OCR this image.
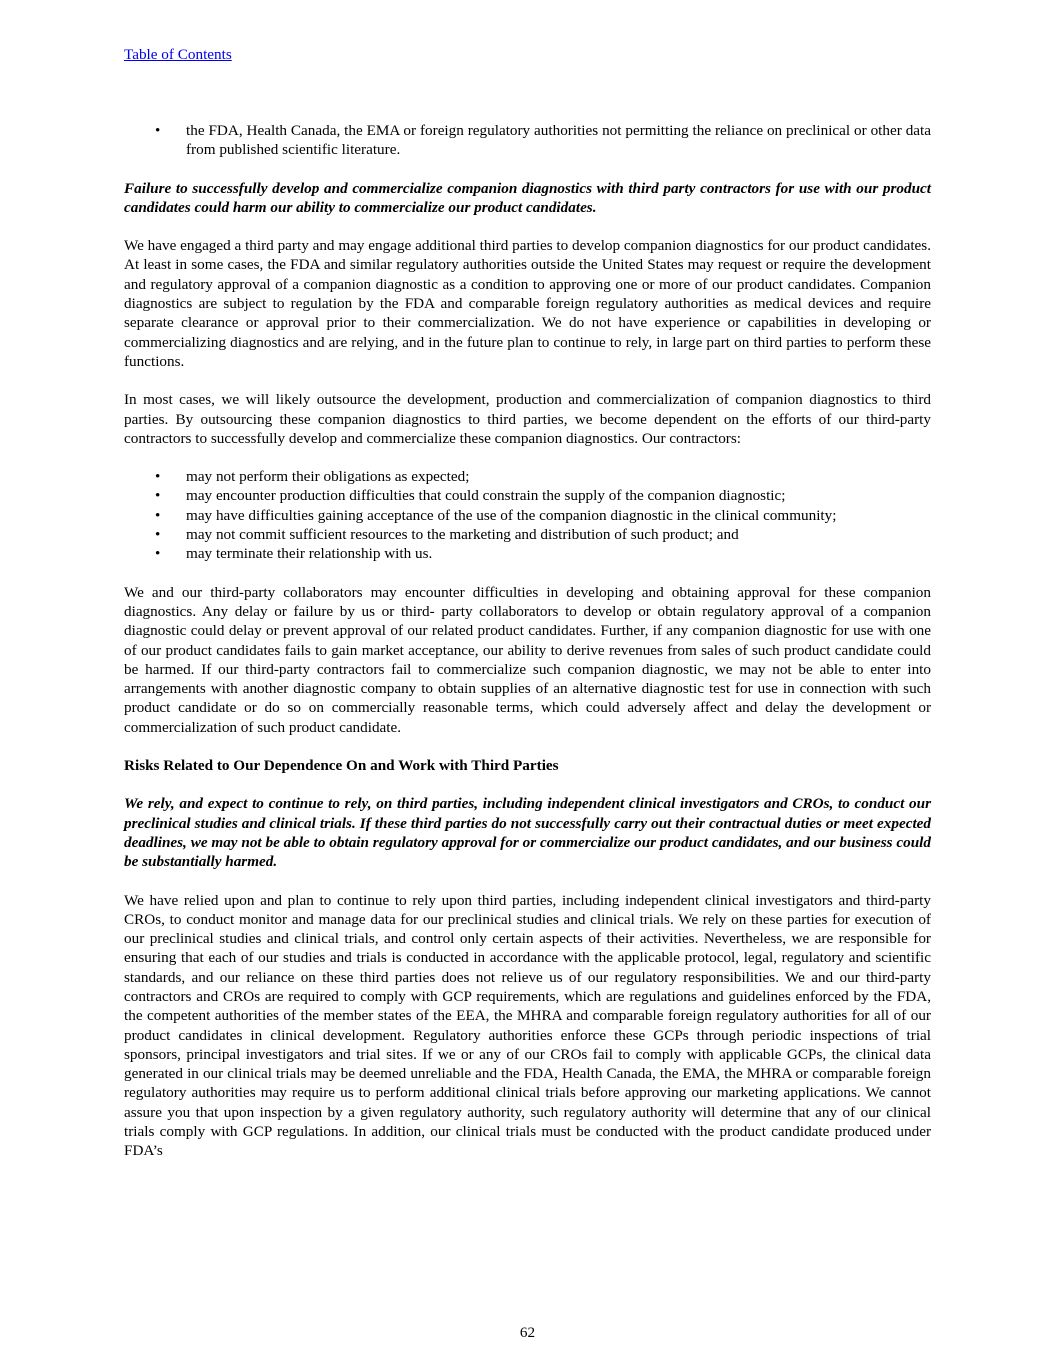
Table of Contents
• the FDA, Health Canada, the EMA or foreign regulatory authorities not permitting the reliance on preclinical or other data from published scientific literature.

Failure to successfully develop and commercialize companion diagnostics with third party contractors for use with our product candidates could harm our ability to commercialize our product candidates.

We have engaged a third party and may engage additional third parties to develop companion diagnostics for our product candidates. At least in some cases, the FDA and similar regulatory authorities outside the United States may request or require the development and regulatory approval of a companion diagnostic as a condition to approving one or more of our product candidates. Companion diagnostics are subject to regulation by the FDA and comparable foreign regulatory authorities as medical devices and require separate clearance or approval prior to their commercialization. We do not have experience or capabilities in developing or commercializing diagnostics and are relying, and in the future plan to continue to rely, in large part on third parties to perform these functions.

In most cases, we will likely outsource the development, production and commercialization of companion diagnostics to third parties. By outsourcing these companion diagnostics to third parties, we become dependent on the efforts of our third-party contractors to successfully develop and commercialize these companion diagnostics. Our contractors:

• may not perform their obligations as expected;
• may encounter production difficulties that could constrain the supply of the companion diagnostic;
• may have difficulties gaining acceptance of the use of the companion diagnostic in the clinical community;
• may not commit sufficient resources to the marketing and distribution of such product; and
• may terminate their relationship with us.

We and our third-party collaborators may encounter difficulties in developing and obtaining approval for these companion diagnostics. Any delay or failure by us or third- party collaborators to develop or obtain regulatory approval of a companion diagnostic could delay or prevent approval of our related product candidates. Further, if any companion diagnostic for use with one of our product candidates fails to gain market acceptance, our ability to derive revenues from sales of such product candidate could be harmed. If our third-party contractors fail to commercialize such companion diagnostic, we may not be able to enter into arrangements with another diagnostic company to obtain supplies of an alternative diagnostic test for use in connection with such product candidate or do so on commercially reasonable terms, which could adversely affect and delay the development or commercialization of such product candidate.

Risks Related to Our Dependence On and Work with Third Parties

We rely, and expect to continue to rely, on third parties, including independent clinical investigators and CROs, to conduct our preclinical studies and clinical trials. If these third parties do not successfully carry out their contractual duties or meet expected deadlines, we may not be able to obtain regulatory approval for or commercialize our product candidates, and our business could be substantially harmed.

We have relied upon and plan to continue to rely upon third parties, including independent clinical investigators and third-party CROs, to conduct monitor and manage data for our preclinical studies and clinical trials. We rely on these parties for execution of our preclinical studies and clinical trials, and control only certain aspects of their activities. Nevertheless, we are responsible for ensuring that each of our studies and trials is conducted in accordance with the applicable protocol, legal, regulatory and scientific standards, and our reliance on these third parties does not relieve us of our regulatory responsibilities. We and our third-party contractors and CROs are required to comply with GCP requirements, which are regulations and guidelines enforced by the FDA, the competent authorities of the member states of the EEA, the MHRA and comparable foreign regulatory authorities for all of our product candidates in clinical development. Regulatory authorities enforce these GCPs through periodic inspections of trial sponsors, principal investigators and trial sites. If we or any of our CROs fail to comply with applicable GCPs, the clinical data generated in our clinical trials may be deemed unreliable and the FDA, Health Canada, the EMA, the MHRA or comparable foreign regulatory authorities may require us to perform additional clinical trials before approving our marketing applications. We cannot assure you that upon inspection by a given regulatory authority, such regulatory authority will determine that any of our clinical trials comply with GCP regulations. In addition, our clinical trials must be conducted with the product candidate produced under FDA’s

62
